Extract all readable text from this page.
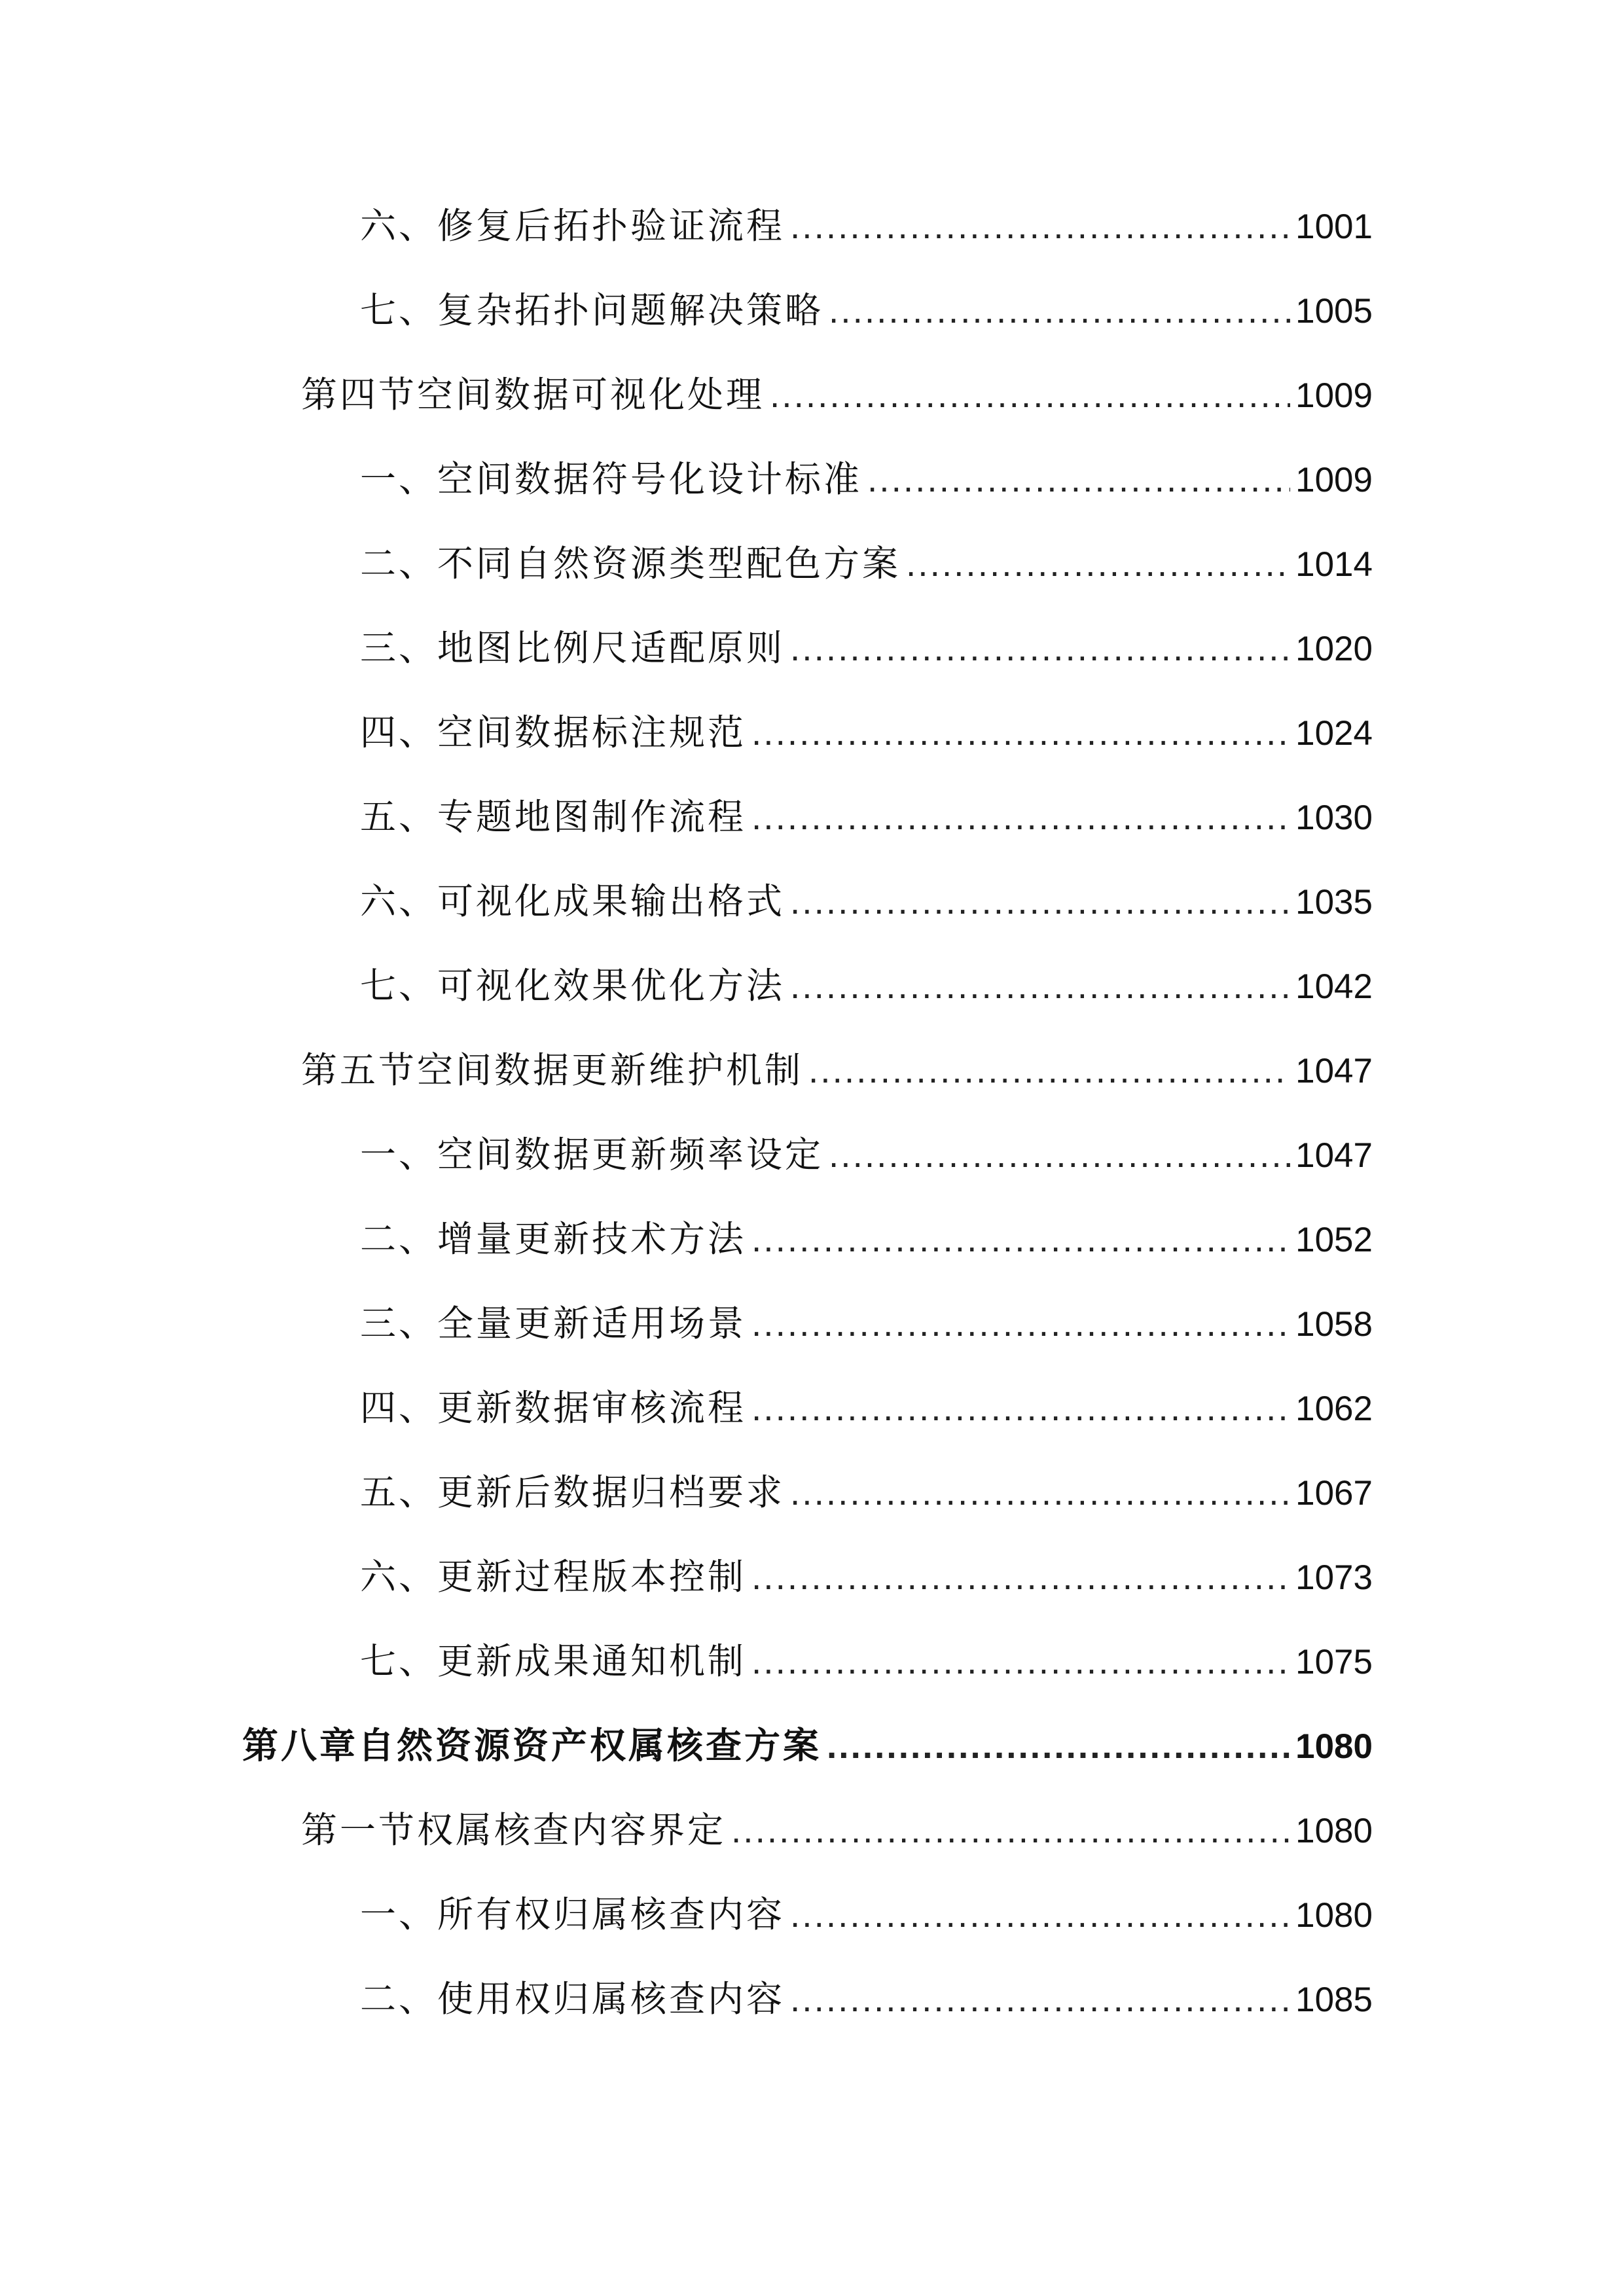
六、修复后拓扑验证流程 .....	1001
七、复杂拓扑问题解决策略 .....	1005
第四节空间数据可视化处理 .....	1009
一、空间数据符号化设计标准 .....	1009
二、不同自然资源类型配色方案 .....	1014
三、地图比例尺适配原则 .....	1020
四、空间数据标注规范 .....	1024
五、专题地图制作流程 .....	1030
六、可视化成果输出格式 .....	1035
七、可视化效果优化方法 .....	1042
第五节空间数据更新维护机制 .....	1047
一、空间数据更新频率设定 .....	1047
二、增量更新技术方法 .....	1052
三、全量更新适用场景 .....	1058
四、更新数据审核流程 .....	1062
五、更新后数据归档要求 .....	1067
六、更新过程版本控制 .....	1073
七、更新成果通知机制 .....	1075
第八章自然资源资产权属核查方案 .....	1080
第一节权属核查内容界定 .....	1080
一、所有权归属核查内容 .....	1080
二、使用权归属核查内容 .....	1085
